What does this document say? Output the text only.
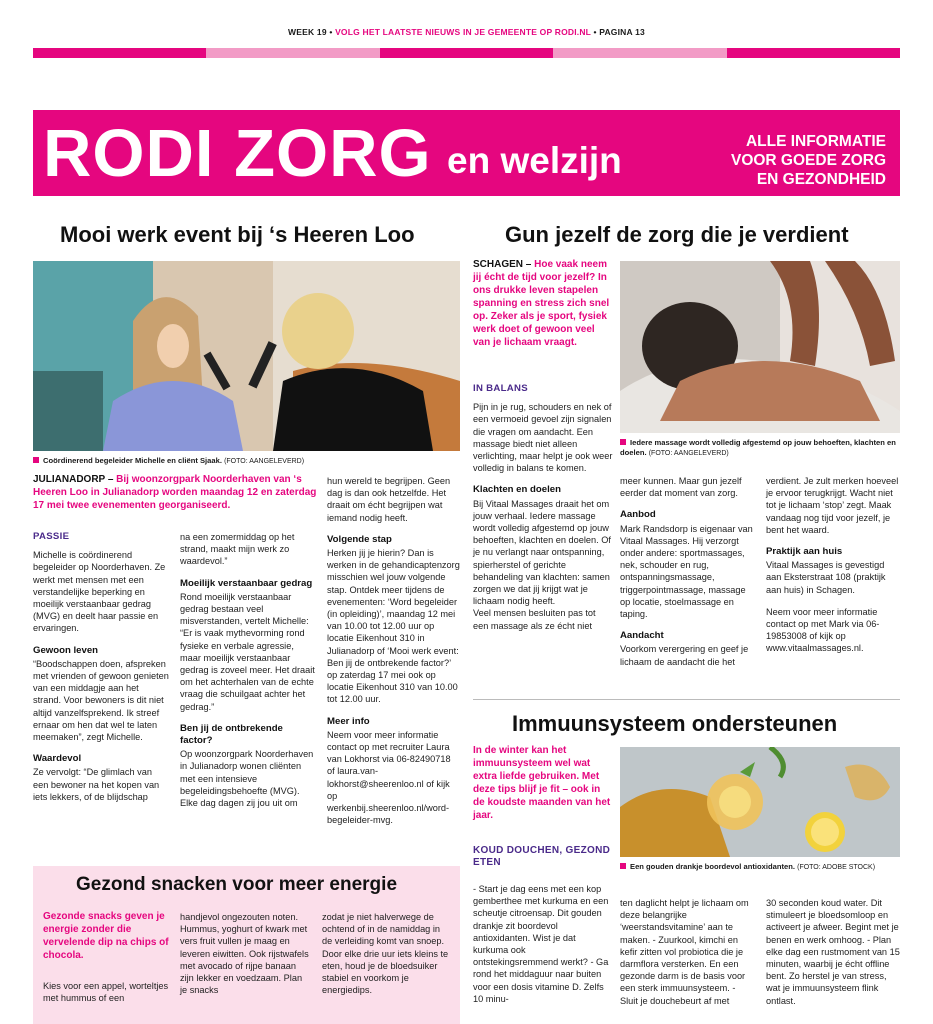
WEEK 19 • VOLG HET LAATSTE NIEUWS IN JE GEMEENTE OP RODI.NL • PAGINA 13
RODI ZORG en welzijn	ALLE INFORMATIE
VOOR GOEDE ZORG
EN GEZONDHEID
Mooi werk event bij ‘s Heeren Loo
Coördinerend begeleider Michelle en cliënt Sjaak. (FOTO: AANGELEVERD)
JULIANADORP – Bij woonzorgpark Noorderhaven van ‘s Heeren Loo in Julianadorp worden maandag 12 en zaterdag 17 mei twee evenementen georganiseerd.
PASSIE

Michelle is coördinerend begeleider op Noorderhaven. Ze werkt met mensen met een verstandelijke beperking en moeilijk verstaanbaar gedrag (MVG) en deelt haar passie en ervaringen.

Gewoon leven

“Boodschappen doen, afspreken met vrienden of gewoon genieten van een middagje aan het strand. Voor bewoners is dit niet altijd vanzelfsprekend. Ik streef ernaar om hen dat wel te laten meemaken”, zegt Michelle.

Waardevol

Ze vervolgt: “De glimlach van een bewoner na het kopen van iets lekkers, of de blijdschap

na een zomermiddag op het strand, maakt mijn werk zo waardevol.”

Moeilijk verstaanbaar gedrag

Rond moeilijk verstaanbaar gedrag bestaan veel misverstanden, vertelt Michelle: “Er is vaak mythevorming rond fysieke en verbale agressie, maar moeilijk verstaanbaar gedrag is zoveel meer. Het draait om het achterhalen van de echte vraag die schuilgaat achter het gedrag.”

Ben jij de ontbrekende factor?

Op woonzorgpark Noorderhaven in Julianadorp wonen cliënten met een intensieve begeleidingsbehoefte (MVG). Elke dag dagen zij jou uit om

hun wereld te begrijpen. Geen dag is dan ook hetzelfde. Het draait om écht begrijpen wat iemand nodig heeft.

Volgende stap

Herken jij je hierin? Dan is werken in de gehandicaptenzorg misschien wel jouw volgende stap. Ontdek meer tijdens de evenementen: ‘Word begeleider (in opleiding)’, maandag 12 mei van 10.00 tot 12.00 uur op locatie Eikenhout 310 in Julianadorp of ‘Mooi werk event: Ben jij de ontbrekende factor?’ op zaterdag 17 mei ook op locatie Eikenhout 310 van 10.00 tot 12.00 uur.

Meer info

Neem voor meer informatie contact op met recruiter Laura van Lokhorst via 06-82490718 of laura.van-lokhorst@sheerenloo.nl of kijk op werkenbij.sheerenloo.nl/word-begeleider-mvg.

Gun jezelf de zorg die je verdient
SCHAGEN – Hoe vaak neem jij écht de tijd voor jezelf? In ons drukke leven stapelen spanning en stress zich snel op. Zeker als je sport, fysiek werk doet of gewoon veel van je lichaam vraagt.
IN BALANS

Pijn in je rug, schouders en nek of een vermoeid gevoel zijn signalen die vragen om aandacht. Een massage biedt niet alleen verlichting, maar helpt je ook weer volledig in balans te komen.

Klachten en doelen

Bij Vitaal Massages draait het om jouw verhaal. Iedere massage wordt volledig afgestemd op jouw behoeften, klachten en doelen. Of je nu verlangt naar ontspanning, spierherstel of gerichte behandeling van klachten: samen zorgen we dat jij krijgt wat je lichaam nodig heeft.

Veel mensen besluiten pas tot een massage als ze écht niet

Iedere massage wordt volledig afgestemd op jouw behoeften, klachten en doelen. (FOTO: AANGELEVERD)

meer kunnen. Maar gun jezelf eerder dat moment van zorg.

Aanbod

Mark Randsdorp is eigenaar van Vitaal Massages. Hij verzorgt onder andere: sportmassages, nek, schouder en rug, ontspanningsmassage, triggerpointmassage, massage op locatie, stoelmassage en taping.

Aandacht

Voorkom verergering en geef je lichaam de aandacht die het

verdient. Je zult merken hoeveel je ervoor terugkrijgt. Wacht niet tot je lichaam ‘stop’ zegt. Maak vandaag nog tijd voor jezelf, je bent het waard.

Praktijk aan huis

Vitaal Massages is gevestigd aan Eksterstraat 108 (praktijk aan huis) in Schagen.

Neem voor meer informatie contact op met Mark via 06-19853008 of kijk op www.vitaalmassages.nl.

Immuunsysteem ondersteunen
In de winter kan het immuunsysteem wel wat extra liefde gebruiken. Met deze tips blijf je fit – ook in de koudste maanden van het jaar.
KOUD DOUCHEN, GEZOND ETEN	Een gouden drankje boordevol antioxidanten. (FOTO: ADOBE STOCK)

- Start je dag eens met een kop gemberthee met kurkuma en een scheutje citroensap. Dit gouden drankje zit boordevol antioxidanten. Wist je dat kurkuma ook ontstekingsremmend werkt? - Ga rond het middaguur naar buiten voor een dosis vitamine D. Zelfs 10 minu-

ten daglicht helpt je lichaam om deze belangrijke ‘weerstandsvitamine’ aan te maken. - Zuurkool, kimchi en kefir zitten vol probiotica die je darmflora versterken. En een gezonde darm is de basis voor een sterk immuunsysteem. - Sluit je douchebeurt af met

30 seconden koud water. Dit stimuleert je bloedsomloop en activeert je afweer. Begint met je benen en werk omhoog. - Plan elke dag een rustmoment van 15 minuten, waarbij je écht offline bent. Zo herstel je van stress, wat je immuunsysteem flink ontlast.

Gezond snacken voor meer energie
Gezonde snacks geven je energie zonder die vervelende dip na chips of chocola.

Kies voor een appel, worteltjes met hummus of een

handjevol ongezouten noten. Hummus, yoghurt of kwark met vers fruit vullen je maag en leveren eiwitten. Ook rijstwafels met avocado of rijpe banaan zijn lekker en voedzaam. Plan je snacks

zodat je niet halverwege de ochtend of in de namiddag in de verleiding komt van snoep. Door elke drie uur iets kleins te eten, houd je de bloedsuiker stabiel en voorkom je energiedips.
